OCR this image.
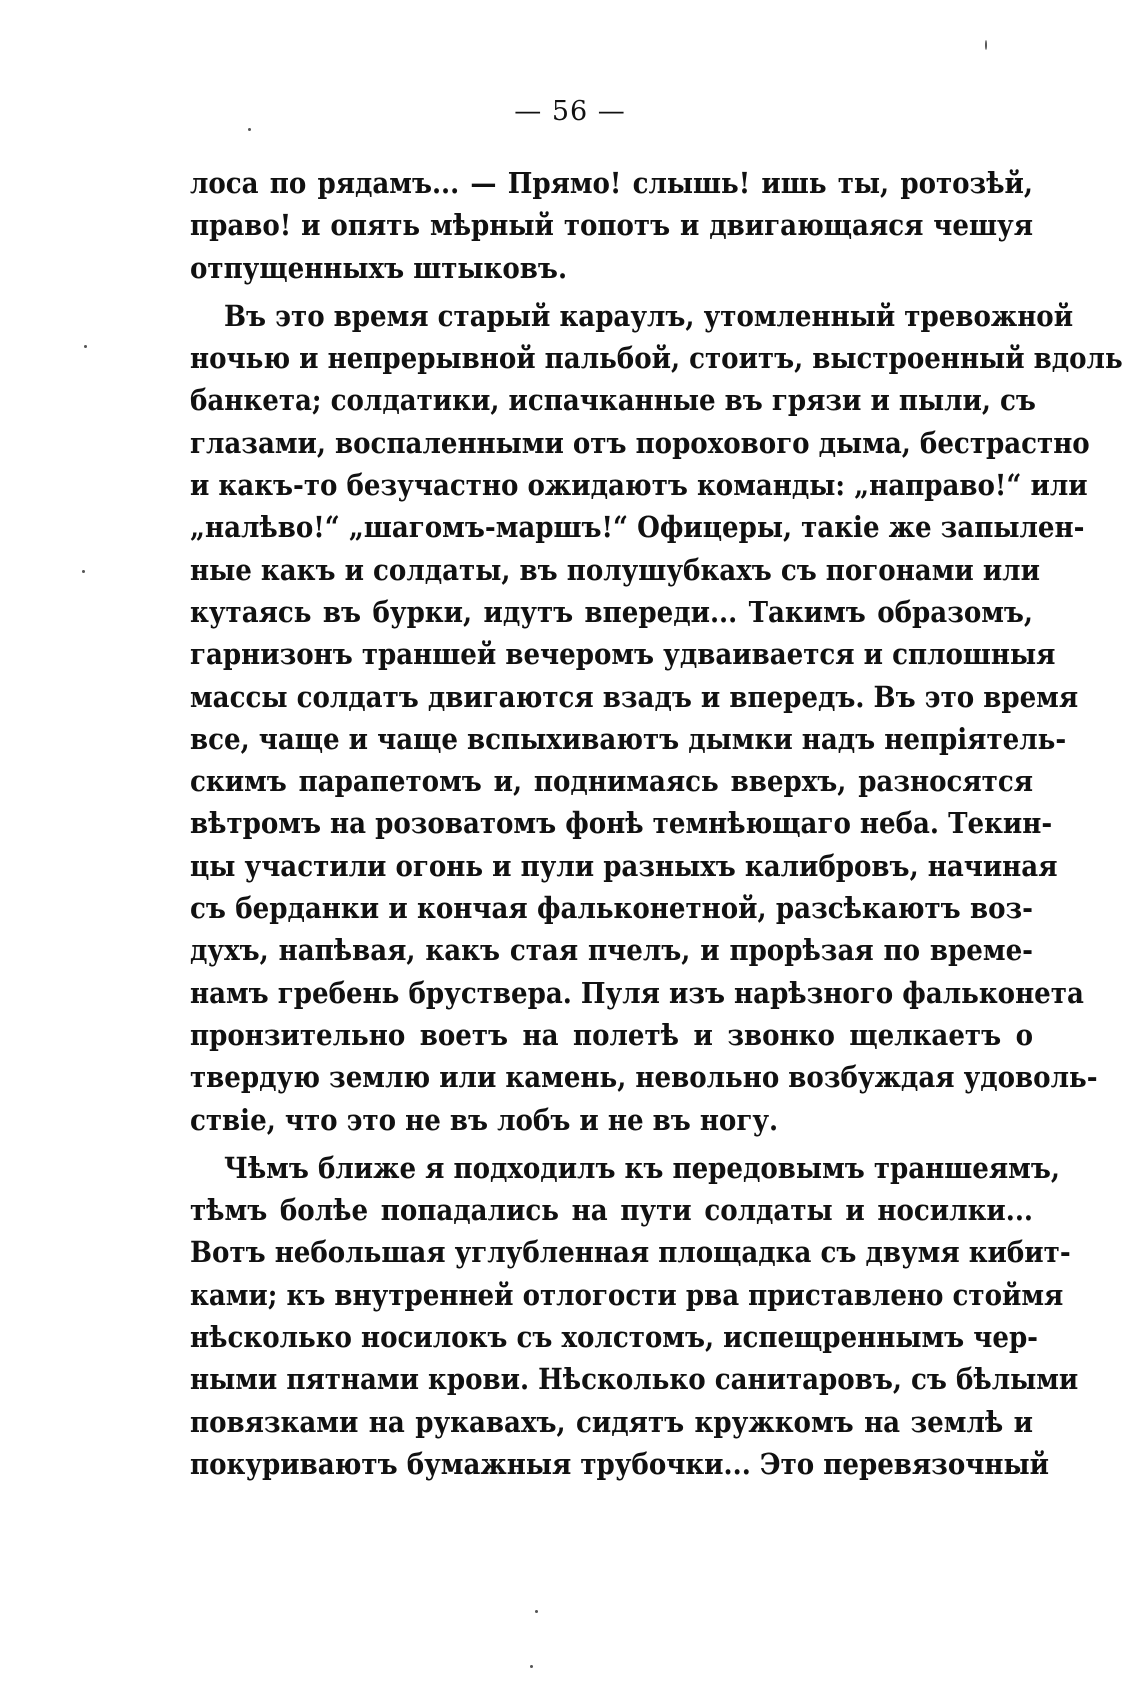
— 56 —
лоса по рядамъ... — Прямо! слышь! ишь ты, ротозѣй,
право! и опять мѣрный топотъ и двигающаяся чешуя
отпущенныхъ штыковъ.
Въ это время старый караулъ, утомленный тревожной
ночью и непрерывной пальбой, стоитъ, выстроенный вдоль
банкета; солдатики, испачканные въ грязи и пыли, съ
глазами, воспаленными отъ порохового дыма, бестрастно
и какъ-то безучастно ожидаютъ команды: „направо!“ или
„налѣво!“ „шагомъ-маршъ!“ Офицеры, такіе же запылен-
ные какъ и солдаты, въ полушубкахъ съ погонами или
кутаясь въ бурки, идутъ впереди... Такимъ образомъ,
гарнизонъ траншей вечеромъ удваивается и сплошныя
массы солдатъ двигаются взадъ и впередъ. Въ это время
все, чаще и чаще вспыхиваютъ дымки надъ непріятель-
скимъ парапетомъ и, поднимаясь вверхъ, разносятся
вѣтромъ на розоватомъ фонѣ темнѣющаго неба. Текин-
цы участили огонь и пули разныхъ калибровъ, начиная
съ берданки и кончая фальконетной, разсѣкаютъ воз-
духъ, напѣвая, какъ стая пчелъ, и прорѣзая по време-
намъ гребень бруствера. Пуля изъ нарѣзного фальконета
пронзительно воетъ на полетѣ и звонко щелкаетъ о
твердую землю или камень, невольно возбуждая удоволь-
ствіе, что это не въ лобъ и не въ ногу.
Чѣмъ ближе я подходилъ къ передовымъ траншеямъ,
тѣмъ болѣе попадались на пути солдаты и носилки...
Вотъ небольшая углубленная площадка съ двумя кибит-
ками; къ внутренней отлогости рва приставлено стоймя
нѣсколько носилокъ съ холстомъ, испещреннымъ чер-
ными пятнами крови. Нѣсколько санитаровъ, съ бѣлыми
повязками на рукавахъ, сидятъ кружкомъ на землѣ и
покуриваютъ бумажныя трубочки... Это перевязочный
